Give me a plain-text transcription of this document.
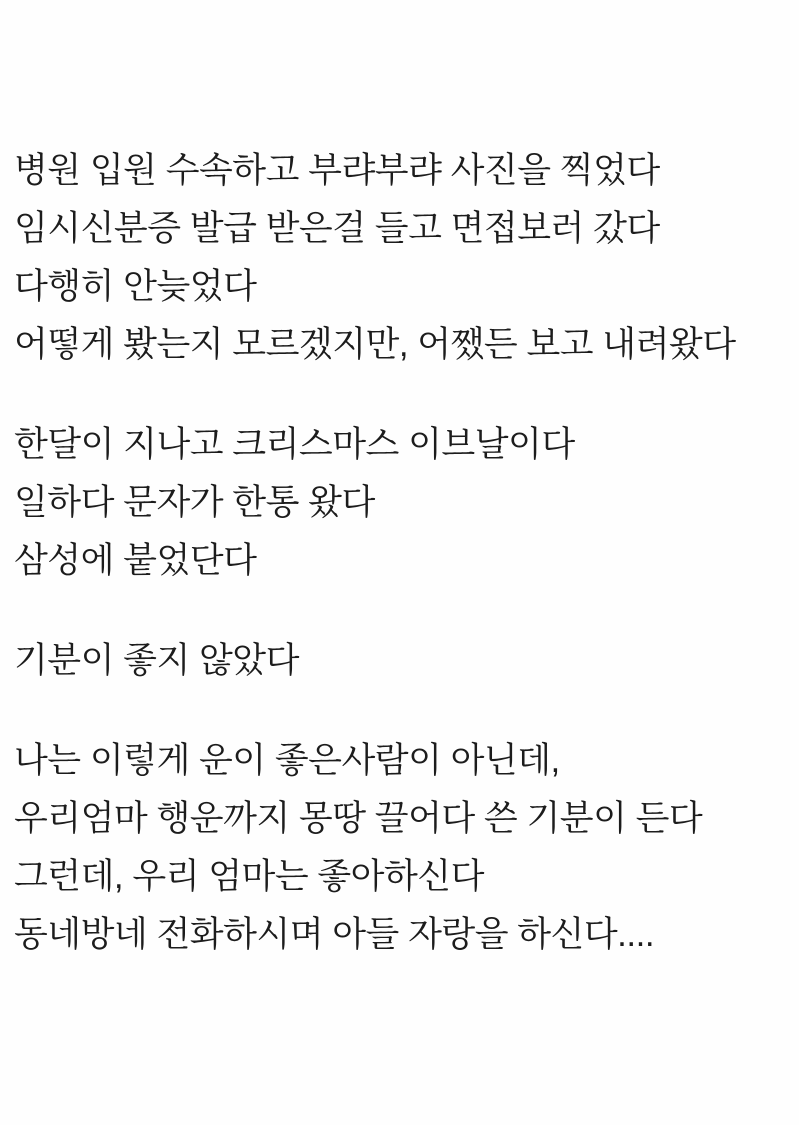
병원 입원 수속하고 부랴부랴 사진을 찍었다
임시신분증 발급 받은걸 들고 면접보러 갔다
다행히 안늦었다
어떻게 봤는지 모르겠지만, 어쨌든 보고 내려왔다
한달이 지나고 크리스마스 이브날이다
일하다 문자가 한통 왔다
삼성에 붙었단다
기분이 좋지 않았다
나는 이렇게 운이 좋은사람이 아닌데,
우리엄마 행운까지 몽땅 끌어다 쓴 기분이 든다
그런데, 우리 엄마는 좋아하신다
동네방네 전화하시며 아들 자랑을 하신다....
